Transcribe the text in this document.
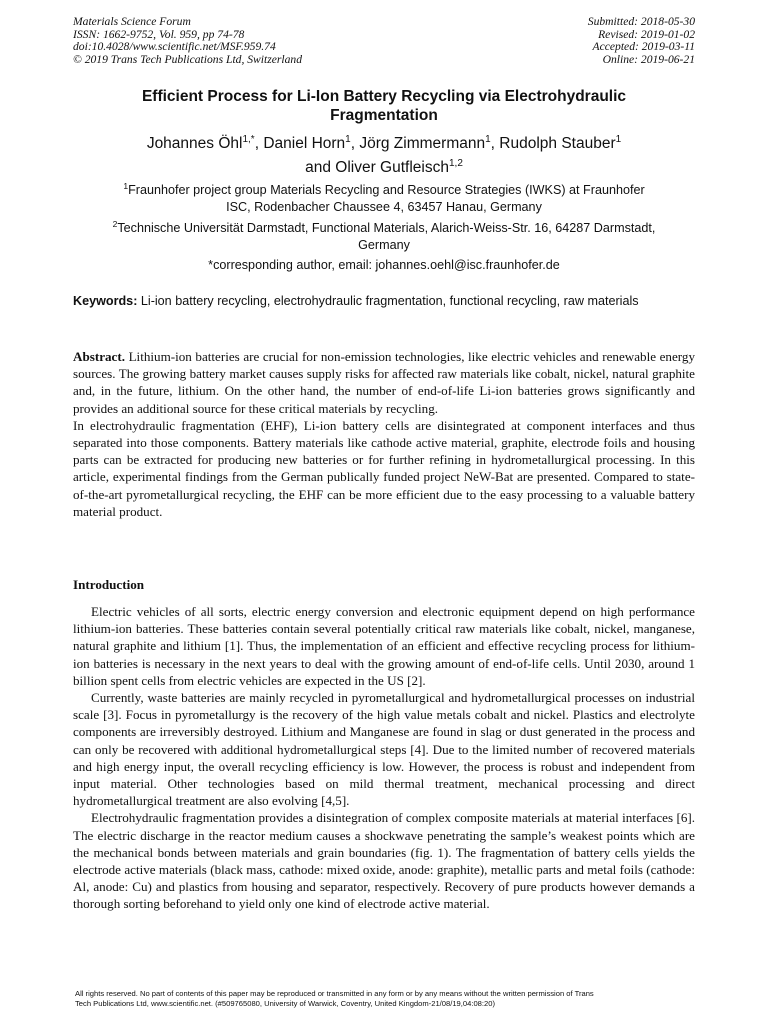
Materials Science Forum	Submitted: 2018-05-30
ISSN: 1662-9752, Vol. 959, pp 74-78	Revised: 2019-01-02
doi:10.4028/www.scientific.net/MSF.959.74	Accepted: 2019-03-11
© 2019 Trans Tech Publications Ltd, Switzerland	Online: 2019-06-21
Efficient Process for Li-Ion Battery Recycling via Electrohydraulic
Fragmentation
Johannes Öhl$^{1,*}$, Daniel Horn$^1$, Jörg Zimmermann$^1$, Rudolph Stauber$^1$
and Oliver Gutfleisch$^{1,2}$
$^1$Fraunhofer project group Materials Recycling and Resource Strategies (IWKS) at Fraunhofer
ISC, Rodenbacher Chaussee 4, 63457 Hanau, Germany
$^2$Technische Universität Darmstadt, Functional Materials, Alarich-Weiss-Str. 16, 64287 Darmstadt,
Germany
*corresponding author, email: johannes.oehl@isc.fraunhofer.de
Keywords: Li-ion battery recycling, electrohydraulic fragmentation, functional recycling, raw materials

Abstract. Lithium-ion batteries are crucial for non-emission technologies, like electric vehicles and renewable energy sources. The growing battery market causes supply risks for affected raw materials like cobalt, nickel, natural graphite and, in the future, lithium. On the other hand, the number of end-of-life Li-ion batteries grows significantly and provides an additional source for these critical materials by recycling.

In electrohydraulic fragmentation (EHF), Li-ion battery cells are disintegrated at component interfaces and thus separated into those components. Battery materials like cathode active material, graphite, electrode foils and housing parts can be extracted for producing new batteries or for further refining in hydrometallurgical processing. In this article, experimental findings from the German publically funded project NeW-Bat are presented. Compared to state-of-the-art pyrometallurgical recycling, the EHF can be more efficient due to the easy processing to a valuable battery material product.

Introduction

Electric vehicles of all sorts, electric energy conversion and electronic equipment depend on high performance lithium-ion batteries. These batteries contain several potentially critical raw materials like cobalt, nickel, manganese, natural graphite and lithium [1]. Thus, the implementation of an efficient and effective recycling process for lithium-ion batteries is necessary in the next years to deal with the growing amount of end-of-life cells. Until 2030, around 1 billion spent cells from electric vehicles are expected in the US [2].

Currently, waste batteries are mainly recycled in pyrometallurgical and hydrometallurgical processes on industrial scale [3]. Focus in pyrometallurgy is the recovery of the high value metals cobalt and nickel. Plastics and electrolyte components are irreversibly destroyed. Lithium and Manganese are found in slag or dust generated in the process and can only be recovered with additional hydrometallurgical steps [4]. Due to the limited number of recovered materials and high energy input, the overall recycling efficiency is low. However, the process is robust and independent from input material. Other technologies based on mild thermal treatment, mechanical processing and direct hydrometallurgical treatment are also evolving [4,5].

Electrohydraulic fragmentation provides a disintegration of complex composite materials at material interfaces [6]. The electric discharge in the reactor medium causes a shockwave penetrating the sample’s weakest points which are the mechanical bonds between materials and grain boundaries (fig. 1). The fragmentation of battery cells yields the electrode active materials (black mass, cathode: mixed oxide, anode: graphite), metallic parts and metal foils (cathode: Al, anode: Cu) and plastics from housing and separator, respectively. Recovery of pure products however demands a thorough sorting beforehand to yield only one kind of electrode active material.

All rights reserved. No part of contents of this paper may be reproduced or transmitted in any form or by any means without the written permission of Trans
Tech Publications Ltd, www.scientific.net. (#509765080, University of Warwick, Coventry, United Kingdom-21/08/19,04:08:20)
